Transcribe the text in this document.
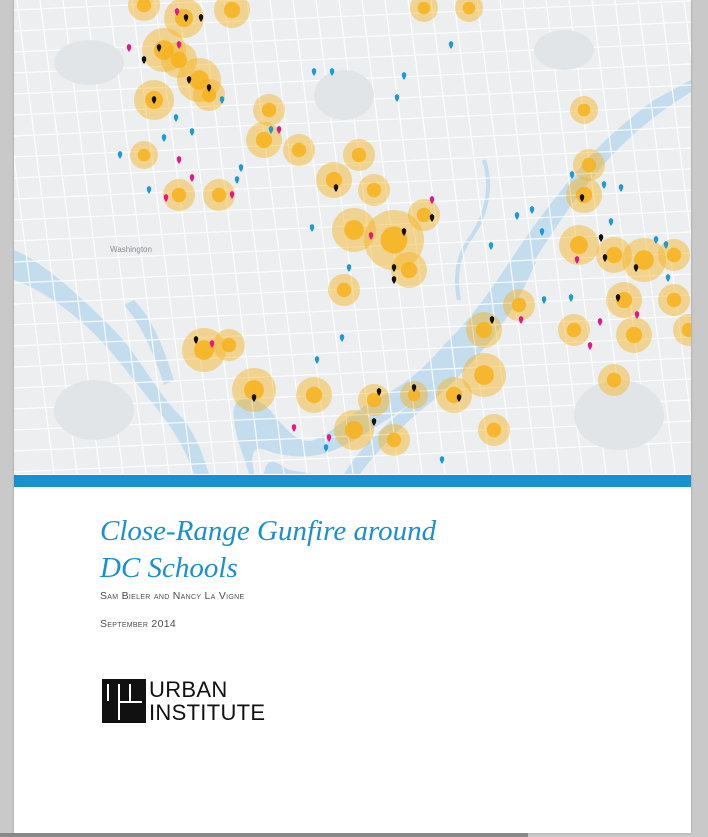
Washington
Close-Range Gunfire around
DC Schools
Sam Bieler and Nancy La Vigne
September 2014
URBAN
INSTITUTE
